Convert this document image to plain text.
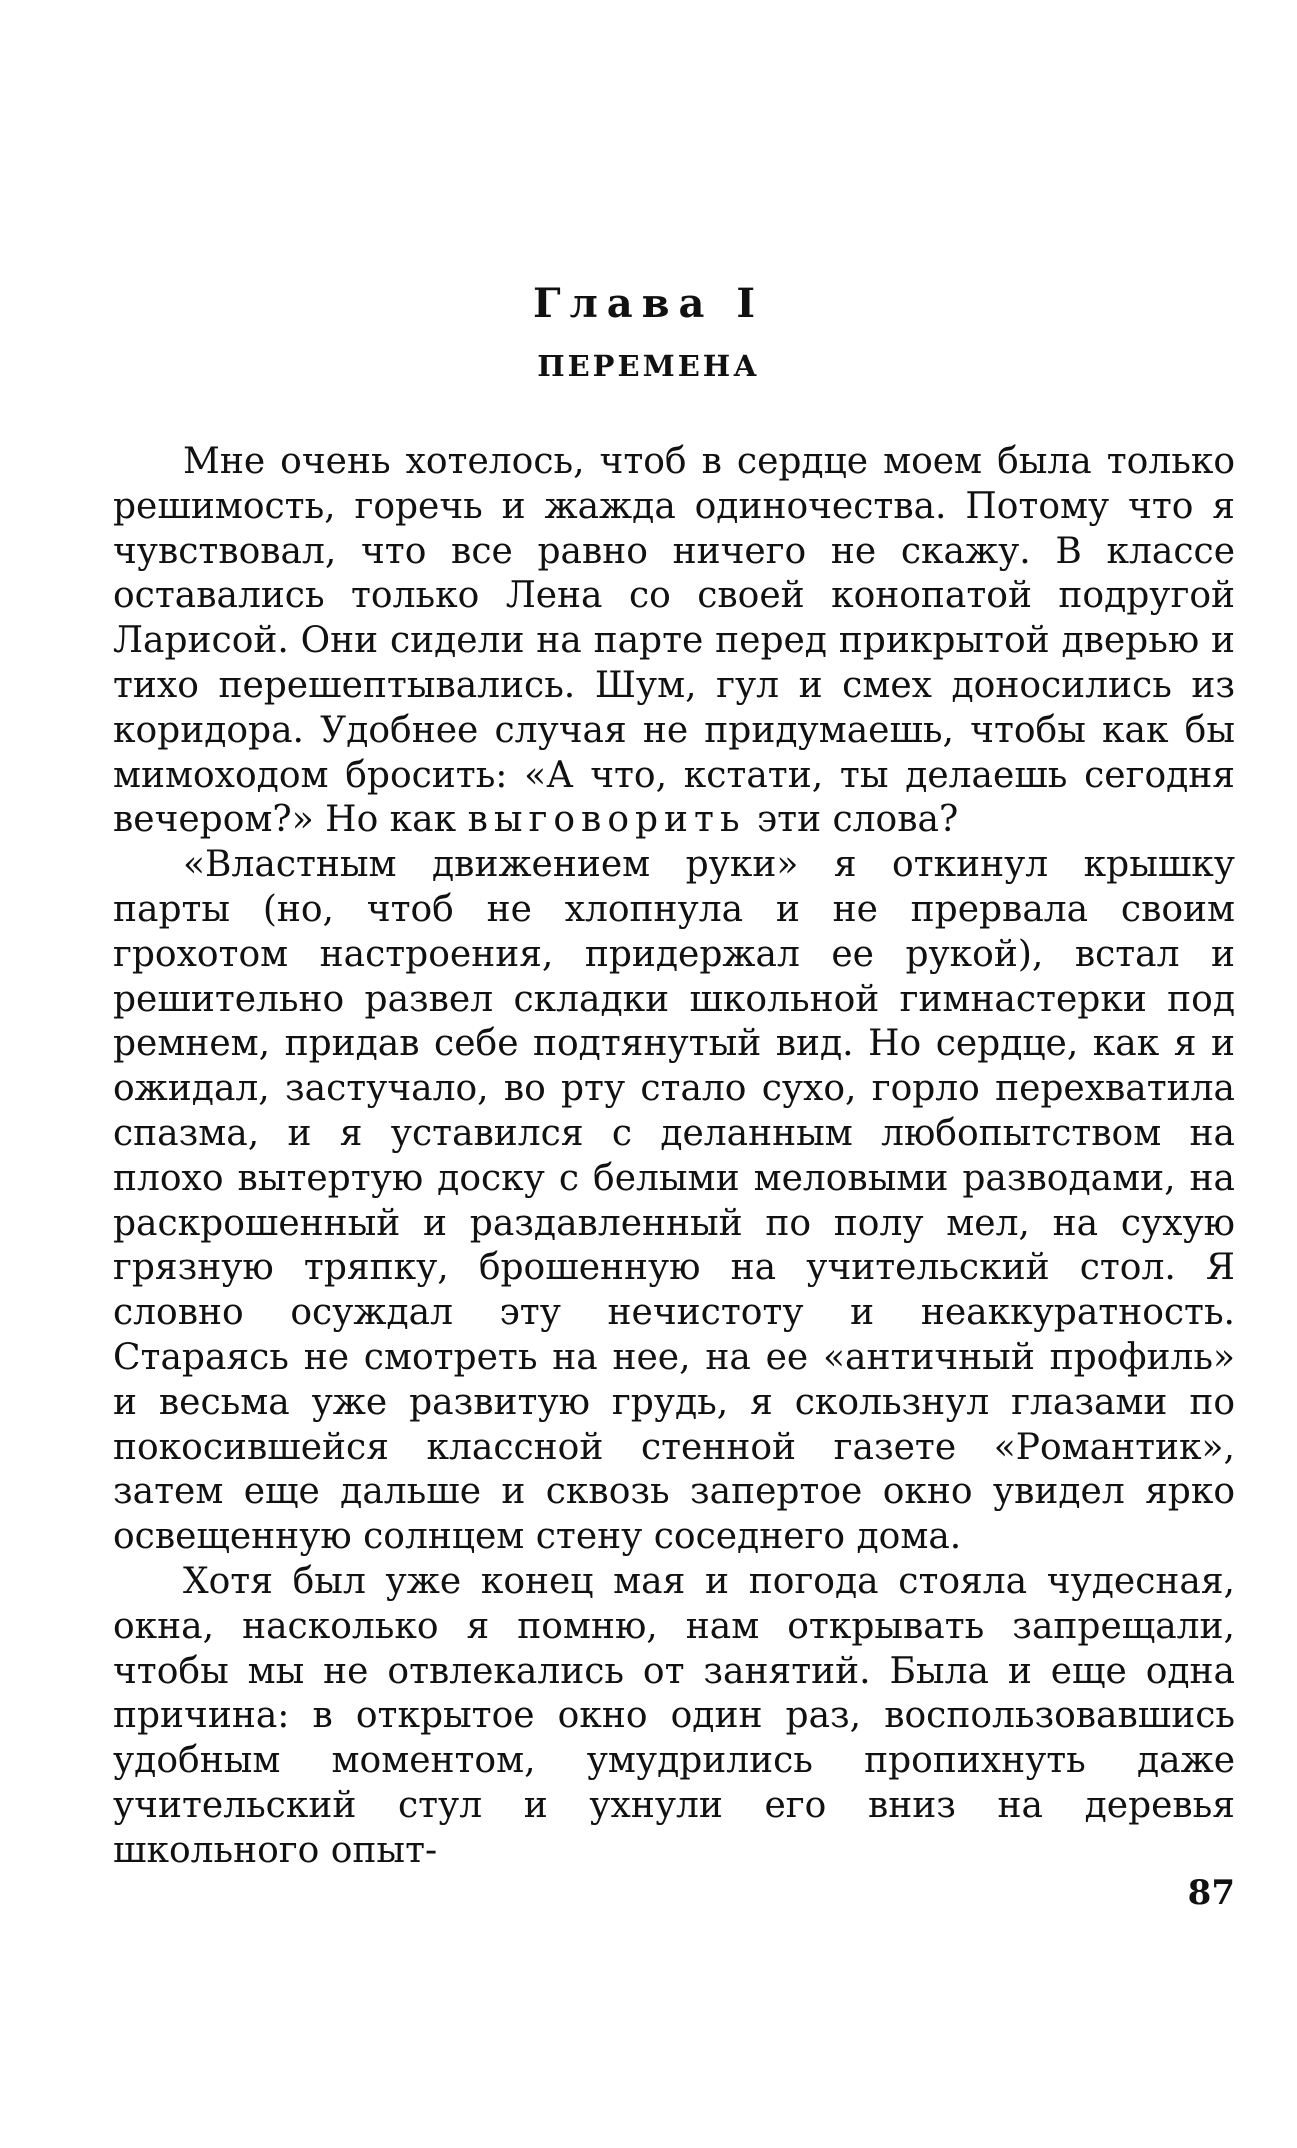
Глава I
ПЕРЕМЕНА

Мне очень хотелось, чтоб в сердце моем была только решимость, горечь и жажда одиночества. Потому что я чувствовал, что все равно ничего не скажу. В классе оставались только Лена со своей конопатой подругой Ларисой. Они сидели на парте перед прикрытой дверью и тихо перешептывались. Шум, гул и смех доносились из коридора. Удобнее случая не придумаешь, чтобы как бы мимоходом бросить: «А что, кстати, ты делаешь сегодня вечером?» Но как выговорить эти слова?

«Властным движением руки» я откинул крышку парты (но, чтоб не хлопнула и не прервала своим грохотом настроения, придержал ее рукой), встал и решительно развел складки школьной гимнастерки под ремнем, придав себе подтянутый вид. Но сердце, как я и ожидал, застучало, во рту стало сухо, горло перехватила спазма, и я уставился с деланным любопытством на плохо вытертую доску с белыми меловыми разводами, на раскрошенный и раздавленный по полу мел, на сухую грязную тряпку, брошенную на учительский стол. Я словно осуждал эту нечистоту и неаккуратность. Стараясь не смотреть на нее, на ее «античный профиль» и весьма уже развитую грудь, я скользнул глазами по покосившейся классной стенной газете «Романтик», затем еще дальше и сквозь запертое окно увидел ярко освещенную солнцем стену соседнего дома.

Хотя был уже конец мая и погода стояла чудесная, окна, насколько я помню, нам открывать запрещали, чтобы мы не отвлекались от занятий. Была и еще одна причина: в открытое окно один раз, воспользовавшись удобным моментом, умудрились пропихнуть даже учительский стул и ухнули его вниз на деревья школьного опыт-

87
